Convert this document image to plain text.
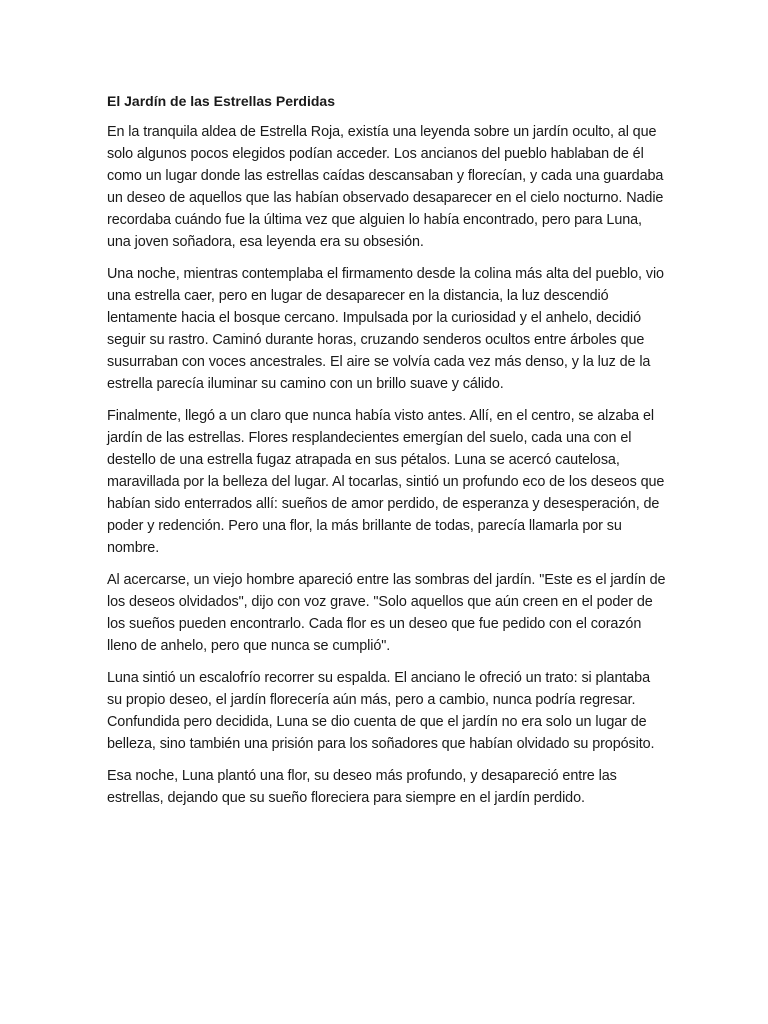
El Jardín de las Estrellas Perdidas

En la tranquila aldea de Estrella Roja, existía una leyenda sobre un jardín oculto, al que solo algunos pocos elegidos podían acceder. Los ancianos del pueblo hablaban de él como un lugar donde las estrellas caídas descansaban y florecían, y cada una guardaba un deseo de aquellos que las habían observado desaparecer en el cielo nocturno. Nadie recordaba cuándo fue la última vez que alguien lo había encontrado, pero para Luna, una joven soñadora, esa leyenda era su obsesión.

Una noche, mientras contemplaba el firmamento desde la colina más alta del pueblo, vio una estrella caer, pero en lugar de desaparecer en la distancia, la luz descendió lentamente hacia el bosque cercano. Impulsada por la curiosidad y el anhelo, decidió seguir su rastro. Caminó durante horas, cruzando senderos ocultos entre árboles que susurraban con voces ancestrales. El aire se volvía cada vez más denso, y la luz de la estrella parecía iluminar su camino con un brillo suave y cálido.

Finalmente, llegó a un claro que nunca había visto antes. Allí, en el centro, se alzaba el jardín de las estrellas. Flores resplandecientes emergían del suelo, cada una con el destello de una estrella fugaz atrapada en sus pétalos. Luna se acercó cautelosa, maravillada por la belleza del lugar. Al tocarlas, sintió un profundo eco de los deseos que habían sido enterrados allí: sueños de amor perdido, de esperanza y desesperación, de poder y redención. Pero una flor, la más brillante de todas, parecía llamarla por su nombre.

Al acercarse, un viejo hombre apareció entre las sombras del jardín. "Este es el jardín de los deseos olvidados", dijo con voz grave. "Solo aquellos que aún creen en el poder de los sueños pueden encontrarlo. Cada flor es un deseo que fue pedido con el corazón lleno de anhelo, pero que nunca se cumplió".

Luna sintió un escalofrío recorrer su espalda. El anciano le ofreció un trato: si plantaba su propio deseo, el jardín florecería aún más, pero a cambio, nunca podría regresar. Confundida pero decidida, Luna se dio cuenta de que el jardín no era solo un lugar de belleza, sino también una prisión para los soñadores que habían olvidado su propósito.

Esa noche, Luna plantó una flor, su deseo más profundo, y desapareció entre las estrellas, dejando que su sueño floreciera para siempre en el jardín perdido.
